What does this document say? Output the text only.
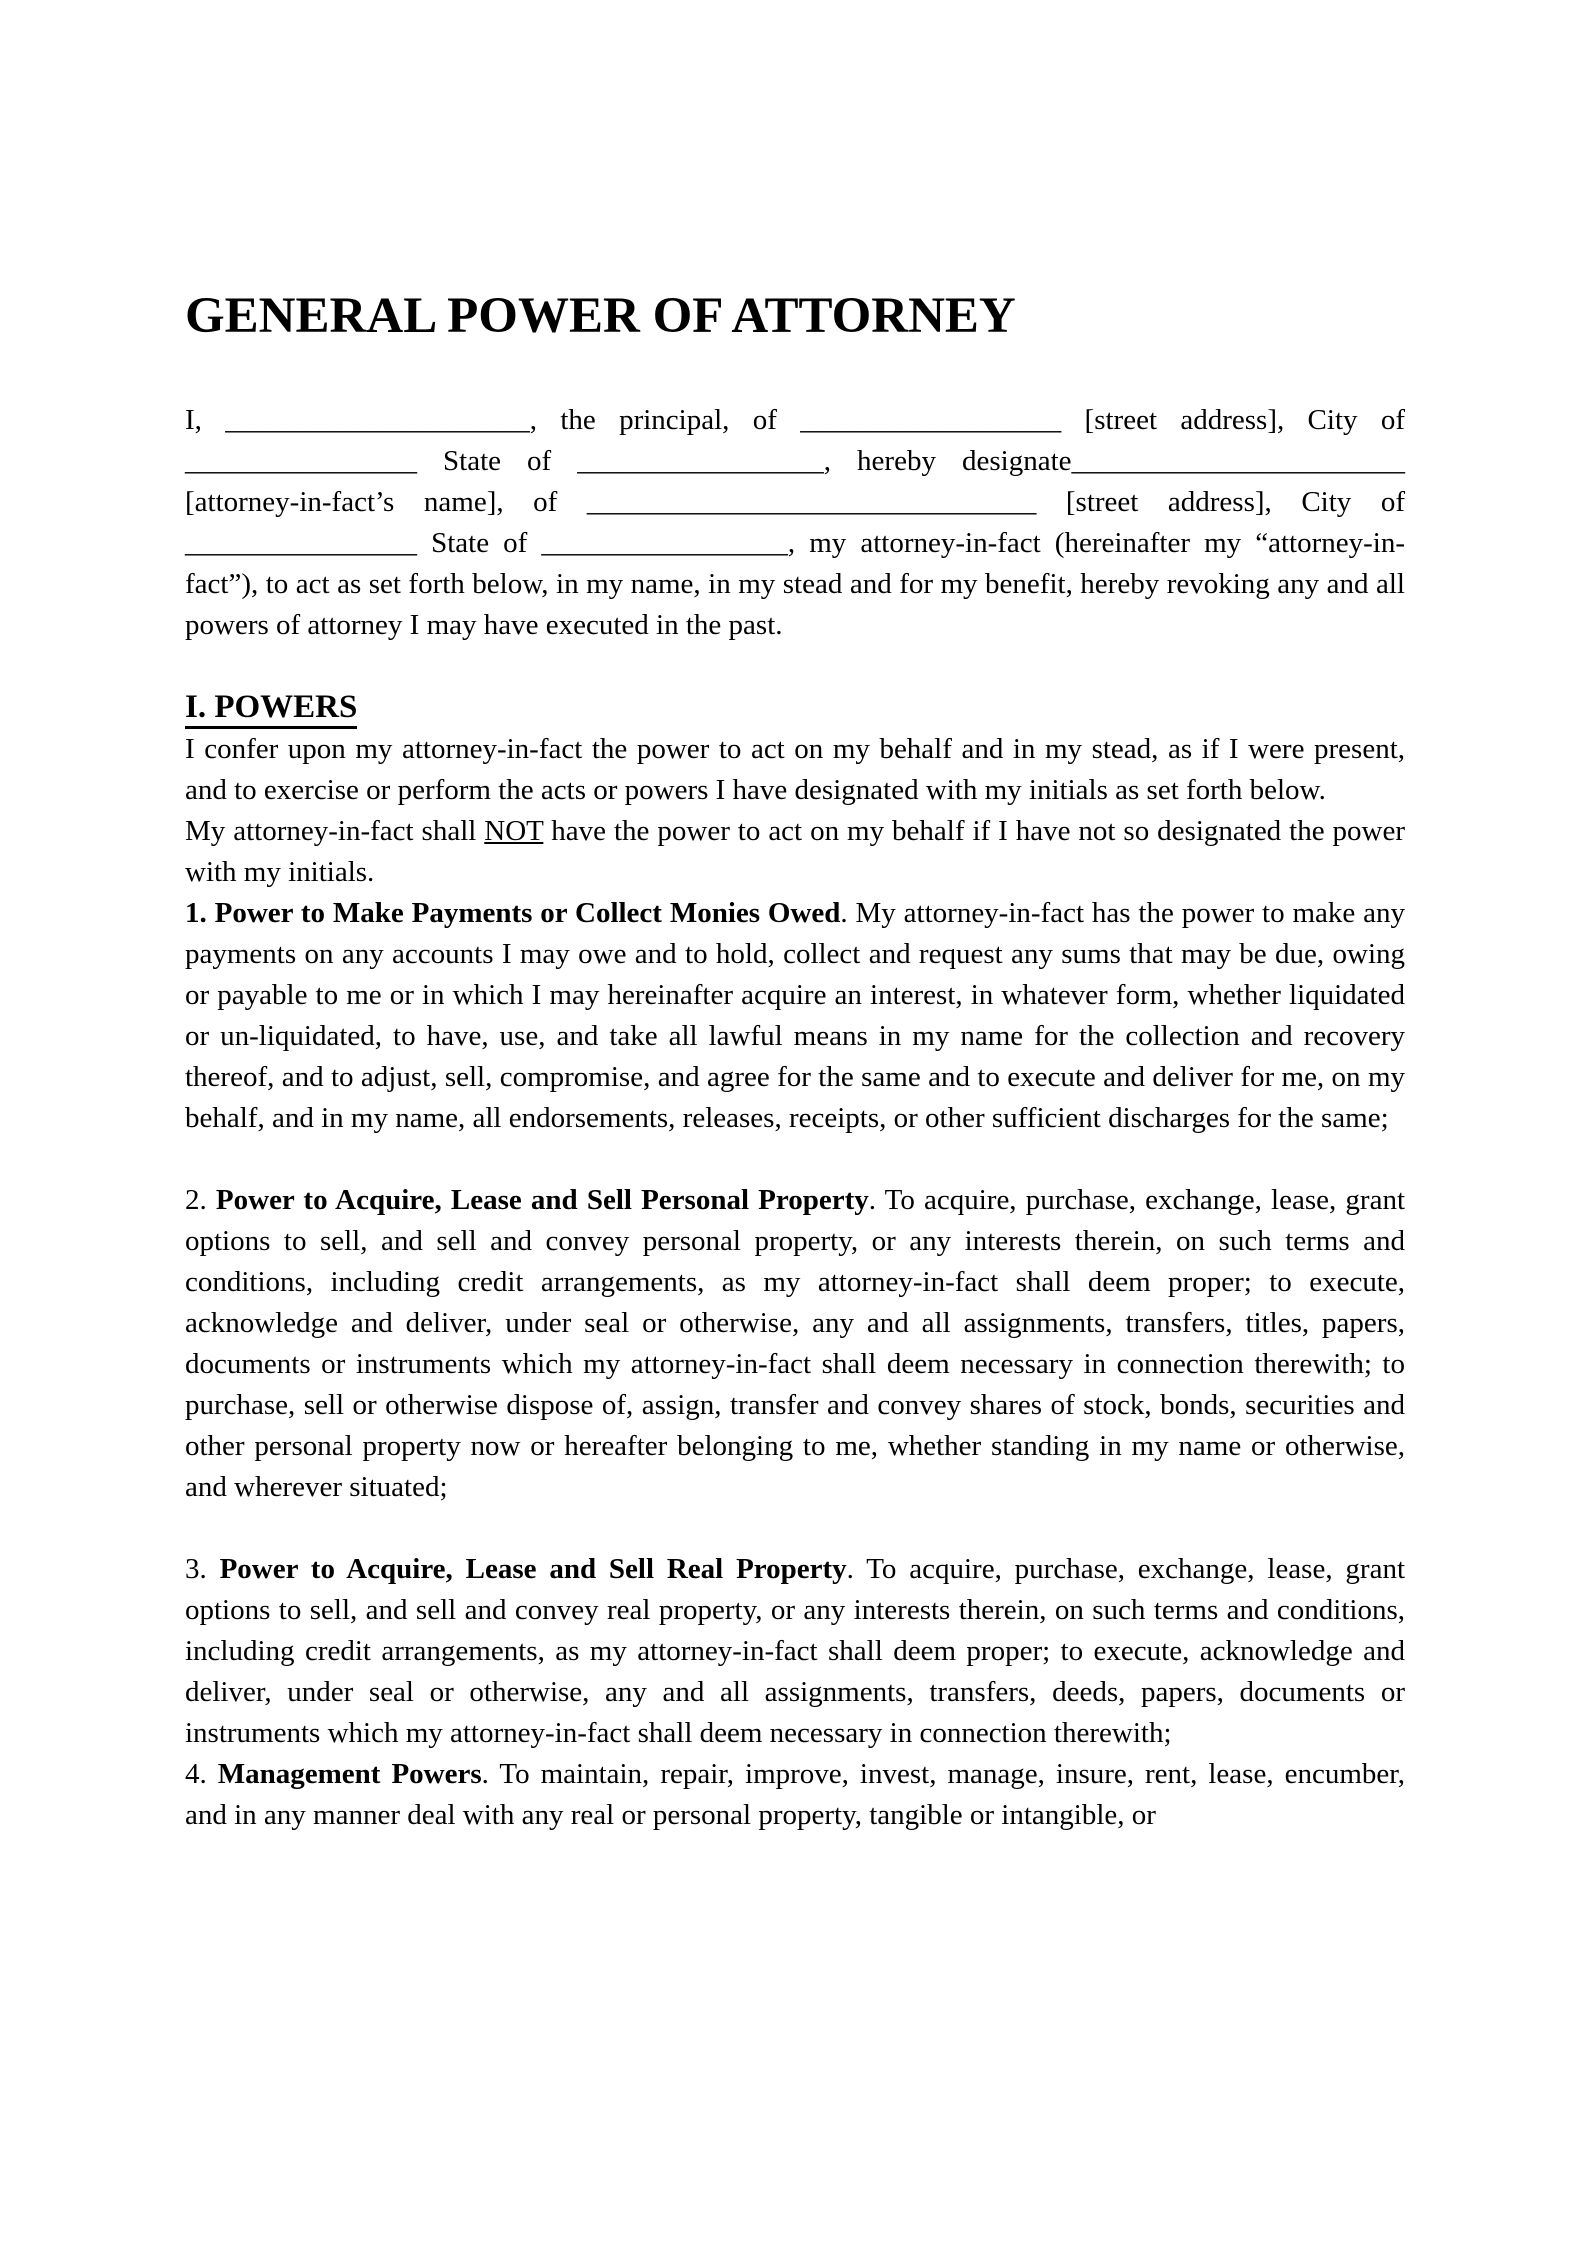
GENERAL POWER OF ATTORNEY

I, _____________________, the principal, of __________________ [street address], City of ________________ State of _________________, hereby designate_______________________ [attorney-in-fact’s name], of _______________________________ [street address], City of ________________ State of _________________, my attorney-in-fact (hereinafter my “attorney-in-fact”), to act as set forth below, in my name, in my stead and for my benefit, hereby revoking any and all powers of attorney I may have executed in the past.

I. POWERS

I confer upon my attorney-in-fact the power to act on my behalf and in my stead, as if I were present, and to exercise or perform the acts or powers I have designated with my initials as set forth below.

My attorney-in-fact shall NOT have the power to act on my behalf if I have not so designated the power with my initials.

1. Power to Make Payments or Collect Monies Owed. My attorney-in-fact has the power to make any payments on any accounts I may owe and to hold, collect and request any sums that may be due, owing or payable to me or in which I may hereinafter acquire an interest, in whatever form, whether liquidated or un-liquidated, to have, use, and take all lawful means in my name for the collection and recovery thereof, and to adjust, sell, compromise, and agree for the same and to execute and deliver for me, on my behalf, and in my name, all endorsements, releases, receipts, or other sufficient discharges for the same;

2. Power to Acquire, Lease and Sell Personal Property. To acquire, purchase, exchange, lease, grant options to sell, and sell and convey personal property, or any interests therein, on such terms and conditions, including credit arrangements, as my attorney-in-fact shall deem proper; to execute, acknowledge and deliver, under seal or otherwise, any and all assignments, transfers, titles, papers, documents or instruments which my attorney-in-fact shall deem necessary in connection therewith; to purchase, sell or otherwise dispose of, assign, transfer and convey shares of stock, bonds, securities and other personal property now or hereafter belonging to me, whether standing in my name or otherwise, and wherever situated;

3. Power to Acquire, Lease and Sell Real Property. To acquire, purchase, exchange, lease, grant options to sell, and sell and convey real property, or any interests therein, on such terms and conditions, including credit arrangements, as my attorney-in-fact shall deem proper; to execute, acknowledge and deliver, under seal or otherwise, any and all assignments, transfers, deeds, papers, documents or instruments which my attorney-in-fact shall deem necessary in connection therewith;

4. Management Powers. To maintain, repair, improve, invest, manage, insure, rent, lease, encumber, and in any manner deal with any real or personal property, tangible or intangible, or
